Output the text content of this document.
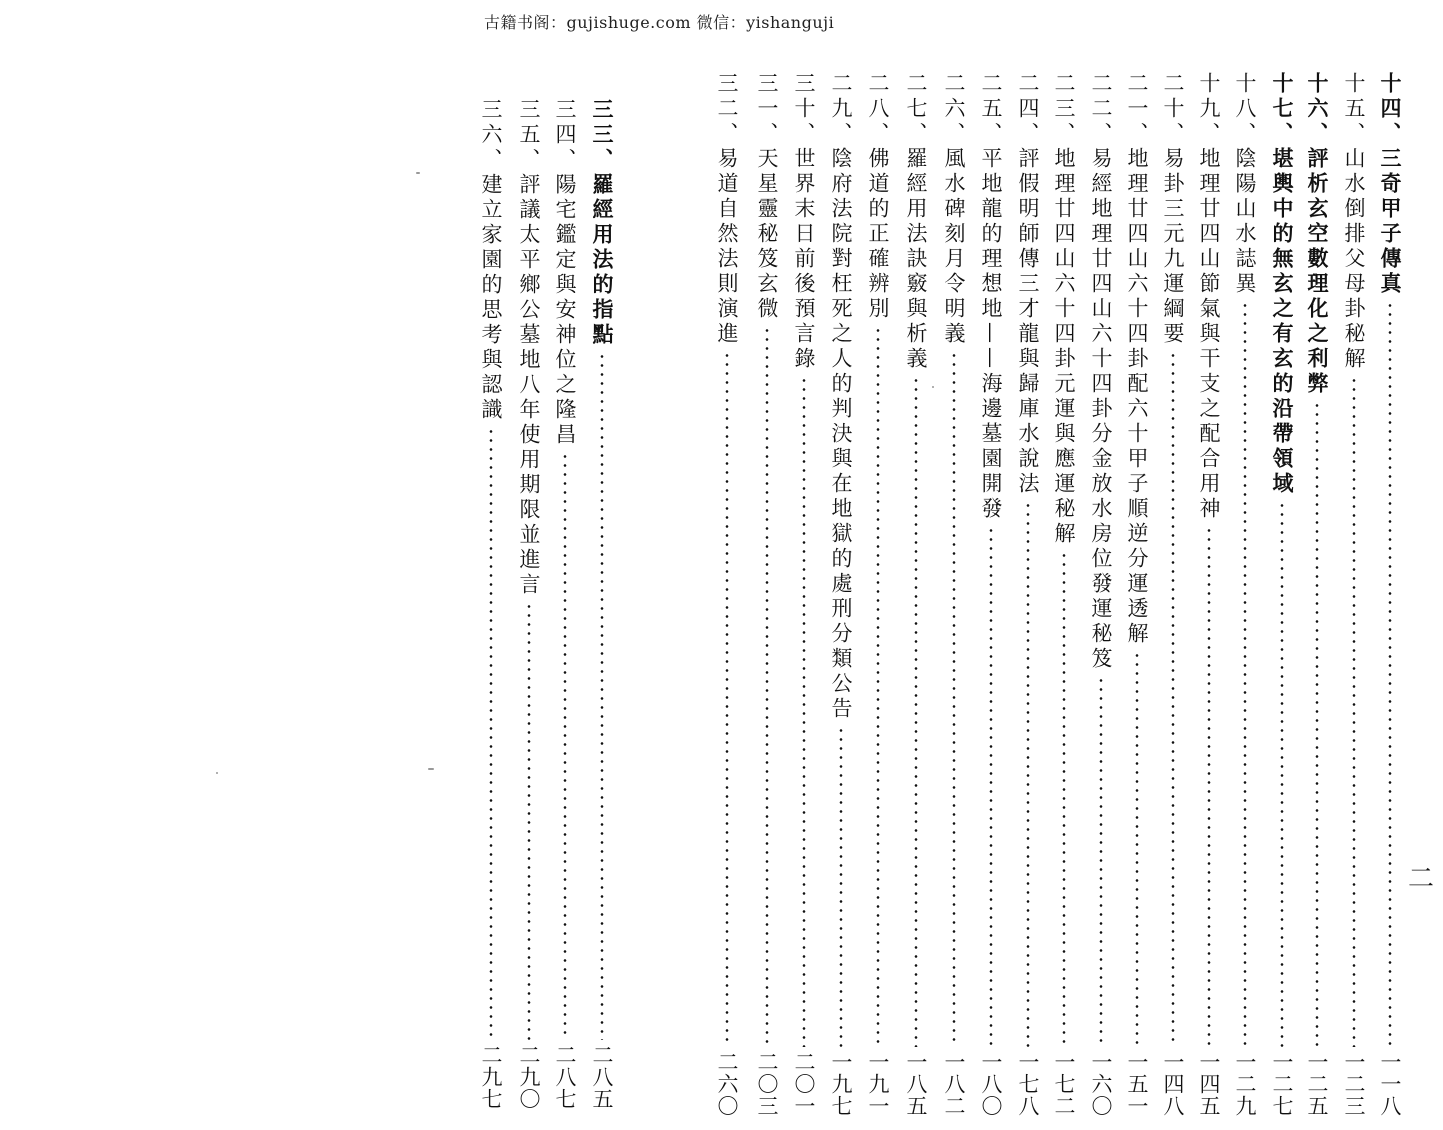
古籍书阁：gujishuge.com 微信：yishanguji
二
十四、三奇甲子傳真
一一八
十五、山水倒排父母卦秘解
一二三
十六、評析玄空數理化之利弊
一二五
十七、堪輿中的無玄之有玄的沿帶領域
一二七
十八、陰陽山水誌異
一二九
十九、地理廿四山節氣與干支之配合用神
一四五
二十、易卦三元九運綱要
一四八
二一、地理廿四山六十四卦配六十甲子順逆分運透解
一五一
二二、易經地理廿四山六十四卦分金放水房位發運秘笈
一六〇
二三、地理廿四山六十四卦元運與應運秘解
一七二
二四、評假明師傳三才龍與歸庫水說法
一七八
二五、平地龍的理想地——海邊墓園開發
一八〇
二六、風水碑刻月令明義
一八二
二七、羅經用法訣竅與析義
一八五
二八、佛道的正確辨別
一九一
二九、陰府法院對枉死之人的判決與在地獄的處刑分類公告
一九七
三十、世界末日前後預言錄
二〇一
三一、天星靈秘笈玄微
二〇三
三二、易道自然法則演進
二六〇
三三、羅經用法的指點
二八五
三四、陽宅鑑定與安神位之隆昌
二八七
三五、評議太平鄉公墓地八年使用期限並進言
二九〇
三六、建立家園的思考與認識
二九七
